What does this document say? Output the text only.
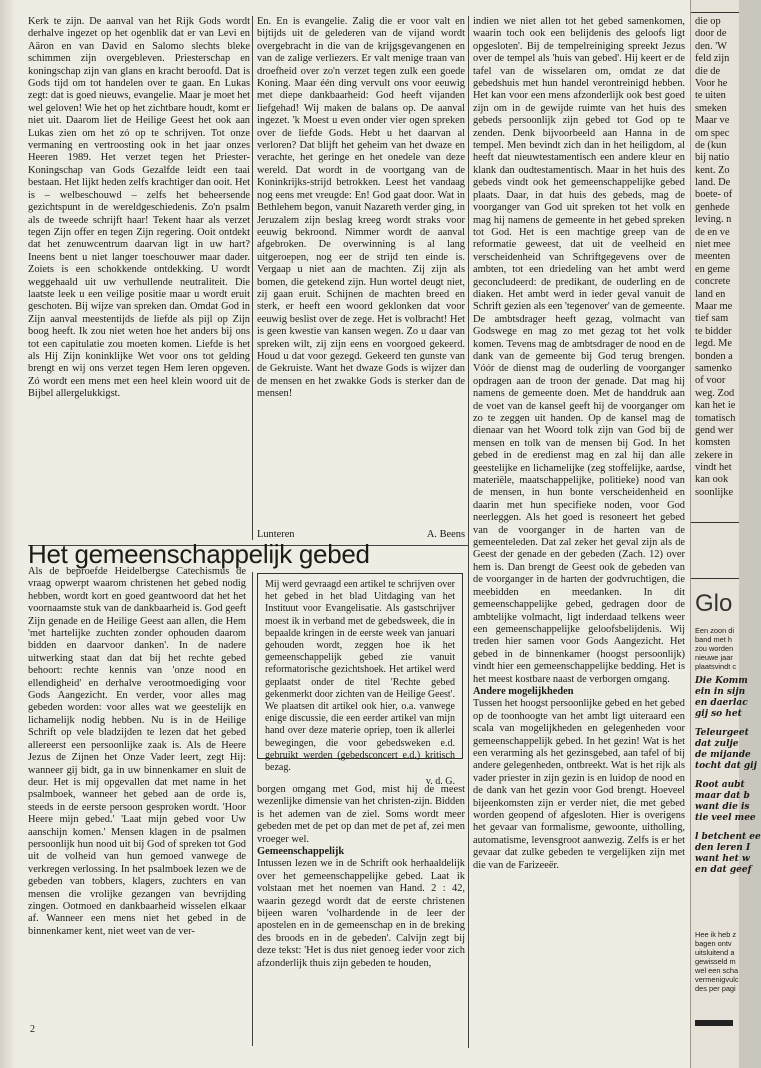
Kerk te zijn. De aanval van het Rijk Gods wordt derhalve ingezet op het ogenblik dat er van Levi en Aäron en van David en Salomo slechts bleke schimmen zijn overgebleven. Priesterschap en koningschap zijn van glans en kracht beroofd. Dat is Gods tijd om tot handelen over te gaan. En Lukas zegt: dat is goed nieuws, evangelie. Maar je moet het wel geloven! Wie het op het zichtbare houdt, komt er niet uit. Daarom liet de Heilige Geest het ook aan Lukas zien om het zó op te schrijven. Tot onze vermaning en vertroosting ook in het jaar onzes Heeren 1989. Het verzet tegen het Priester-Koningschap van Gods Gezalfde leidt een taai bestaan. Het lijkt heden zelfs krachtiger dan ooit. Het is – welbeschouwd – zelfs het beheersende gezichtspunt in de wereldgeschiedenis. Zo'n psalm als de tweede schrijft haar! Tekent haar als verzet tegen Zijn offer en tegen Zijn regering. Ooit ontdekt dat het zenuwcentrum daarvan ligt in uw hart? Ineens bent u niet langer toeschouwer maar dader. Zoiets is een schokkende ontdekking. U wordt weggehaald uit uw verhullende neutraliteit. Die laatste leek u een veilige positie maar u wordt eruit geschoten. Bij wijze van spreken dan. Omdat God in Zijn aanval meestentijds de liefde als pijl op Zijn boog heeft. Ik zou niet weten hoe het anders bij ons tot een capitulatie zou moeten komen. Liefde is het als Hij Zijn koninklijke Wet voor ons tot gelding brengt en wij ons verzet tegen Hem leren opgeven. Zó wordt een mens met een heel klein woord uit de Bijbel allergelukkigst.

En. En is evangelie. Zalig die er voor valt en bijtijds uit de gelederen van de vijand wordt overgebracht in die van de krijgsgevangenen en van de zalige verliezers. Er valt menige traan van droefheid over zo'n verzet tegen zulk een goede Koning. Maar één ding vervult ons voor eeuwig met diepe dankbaarheid: God heeft vijanden liefgehad! Wij maken de balans op. De aanval ingezet. 'k Moest u even onder vier ogen spreken over de liefde Gods. Hebt u het daarvan al verloren? Dat blijft het geheim van het dwaze en verachte, het geringe en het onedele van deze wereld. Dat wordt in de voortgang van de Koninkrijks-strijd betrokken. Leest het vandaag nog eens met vreugde: En! God gaat door. Wat in Bethlehem begon, vanuit Nazareth verder ging, in Jeruzalem zijn beslag kreeg wordt straks voor eeuwig bekroond. Nimmer wordt de aanval afgebroken. De overwinning is al lang uitgeroepen, nog eer de strijd ten einde is. Vergaap u niet aan de machten. Zij zijn als bomen, die getekend zijn. Hun wortel deugt niet, zij gaan eruit. Schijnen de machten breed en sterk, er heeft een woord geklonken dat voor eeuwig beslist over de zege. Het is volbracht! Het is geen kwestie van kansen wegen. Zo u daar van spreken wilt, zij zijn eens en voorgoed gekeerd. Houd u dat voor gezegd. Gekeerd ten gunste van de Gekruiste. Want het dwaze Gods is wijzer dan de mensen en het zwakke Gods is sterker dan de mensen!

Lunteren	A. Beens

indien we niet allen tot het gebed samenkomen, waarin toch ook een belijdenis des geloofs ligt opgesloten'. Bij de tempelreiniging spreekt Jezus over de tempel als 'huis van gebed'. Hij keert er de tafel van de wisselaren om, omdat ze dat gebedshuis met hun handel verontreinigd hebben. Het kan voor een mens afzonderlijk ook best goed zijn om in de gewijde ruimte van het huis des gebeds persoonlijk zijn gebed tot God op te zenden. Denk bijvoorbeeld aan Hanna in de tempel. Men bevindt zich dan in het heiligdom, al heeft dat nieuwtestamentisch een andere kleur en klank dan oudtestamentisch. Maar in het huis des gebeds vindt ook het gemeenschappelijke gebed plaats. Daar, in dat huis des gebeds, mag de voorganger van God uit spreken tot het volk en mag hij namens de gemeente in het gebed spreken tot God. Het is een machtige greep van de reformatie geweest, dat uit de veelheid en verscheidenheid van Schriftgegevens over de ambten, tot een driedeling van het ambt werd geconcludeerd: de predikant, de ouderling en de diaken. Het ambt werd in ieder geval vanuit de Schrift gezien als een 'tegenover' van de gemeente. De ambtsdrager heeft gezag, volmacht van Godswege en mag zo met gezag tot het volk komen. Tevens mag de ambtsdrager de nood en de dank van de gemeente bij God terug brengen. Vóór de dienst mag de ouderling de voorganger opdragen aan de troon der genade. Dat mag hij namens de gemeente doen. Met de handdruk aan de voet van de kansel geeft hij de voorganger om zo te zeggen uit handen. Op de kansel mag de dienaar van het Woord tolk zijn van God bij de mensen en tolk van de mensen bij God. In het gebed in de eredienst mag en zal hij dan alle geestelijke en lichamelijke (zeg stoffelijke, aardse, materiële, maatschappelijke, politieke) nood van de mensen, in hun bonte verscheidenheid en daarin met hun specifieke noden, voor God neerleggen. Als het goed is resoneert het gebed van de voorganger in de harten van de gemeenteleden. Dat zal zeker het geval zijn als de Geest der genade en der gebeden (Zach. 12) over hem is. Dan brengt de Geest ook de gebeden van de voorganger in de harten der godvruchtigen, die meebidden en meedanken. In dit gemeenschappelijke gebed, gedragen door de ambtelijke volmacht, ligt inderdaad telkens weer een gemeenschappelijke geloofsbelijdenis. Wij treden hier samen voor Gods Aangezicht. Het gebed in de binnenkamer (hoogst persoonlijk) vindt hier een gemeenschappelijke bedding. Het is het meest kostbare naast de verborgen omgang.

Andere mogelijkheden

Tussen het hoogst persoonlijke gebed en het gebed op de toonhoogte van het ambt ligt uiteraard een scala van mogelijkheden en gelegenheden voor gemeenschappelijk gebed. In het gezin! Wat is het een verarming als het gezinsgebed, aan tafel of bij andere gelegenheden, ontbreekt. Wat is het rijk als vader priester in zijn gezin is en luidop de nood en de dank van het gezin voor God brengt. Hoeveel bijeenkomsten zijn er verder niet, die met gebed worden geopend of afgesloten. Hier is overigens het gevaar van formalisme, gewoonte, uitholling, automatisme, levensgroot aanwezig. Zelfs is er het gevaar dat zulke gebeden te vergelijken zijn met die van de Farizeeër.

Het gemeenschappelijk gebed

Als de beproefde Heidelbergse Catechismus de vraag opwerpt waarom christenen het gebed nodig hebben, wordt kort en goed geantwoord dat het het voornaamste stuk van de dankbaarheid is. God geeft Zijn genade en de Heilige Geest aan allen, die Hem 'met hartelijke zuchten zonder ophouden daarom bidden en daarvoor danken'. In de nadere uitwerking staat dan dat bij het rechte gebed behoort: rechte kennis van 'onze nood en ellendigheid' en derhalve verootmoediging voor Gods Aangezicht. En verder, voor alles mag gebeden worden: voor alles wat we geestelijk en lichamelijk nodig hebben. Nu is in de Heilige Schrift op vele bladzijden te lezen dat het gebed allereerst een persoonlijke zaak is. Als de Heere Jezus de Zijnen het Onze Vader leert, zegt Hij: wanneer gij bidt, ga in uw binnenkamer en sluit de deur. Het is mij opgevallen dat met name in het psalmboek, wanneer het gebed aan de orde is, steeds in de eerste persoon gesproken wordt. 'Hoor Heere mijn gebed.' 'Laat mijn gebed voor Uw aanschijn komen.' Mensen klagen in de psalmen persoonlijk hun nood uit bij God of spreken tot God uit de volheid van hun gemoed vanwege de verkregen verlossing. In het psalmboek lezen we de gebeden van tobbers, klagers, zuchters en van mensen die vrolijke gezangen van bevrijding zingen. Ootmoed en dankbaarheid wisselen elkaar af. Wanneer een mens niet het gebed in de binnenkamer kent, niet weet van de ver-

Mij werd gevraagd een artikel te schrijven over het gebed in het blad Uitdaging van het Instituut voor Evangelisatie. Als gastschrijver moest ik in verband met de gebedsweek, die in bepaalde kringen in de eerste week van januari gehouden wordt, zeggen hoe ik het gemeenschappelijk gebed zie vanuit reformatorische gezichtshoek. Het artikel werd geplaatst onder de titel 'Rechte gebed gekenmerkt door zichten van de Heilige Geest'. We plaatsen dit artikel ook hier, o.a. vanwege enige discussie, die een eerder artikel van mijn hand over deze materie opriep, toen ik allerlei bewegingen, die voor gebedsweken e.d. gebruikt werden (gebedsconcert e.d.) kritisch bezag.

v. d. G.

borgen omgang met God, mist hij de meest wezenlijke dimensie van het christen-zijn. Bidden is het ademen van de ziel. Soms wordt meer gebeden met de pet op dan met de pet af, zei men vroeger wel.

Gemeenschappelijk

Intussen lezen we in de Schrift ook herhaaldelijk over het gemeenschappelijke gebed. Laat ik volstaan met het noemen van Hand. 2 : 42, waarin gezegd wordt dat de eerste christenen bijeen waren 'volhardende in de leer der apostelen en in de gemeenschap en in de breking des broods en in de gebeden'. Calvijn zegt bij deze tekst: 'Het is dus niet genoeg ieder voor zich afzonderlijk thuis zijn gebeden te houden,

2
die op
door de
den. 'W
feld zijn
die de
Voor he
te uiten
smeken
Maar ve
om spec
de (kun
bij natio
kent. Zo
land. De
boete- of
genhede
leving. n
de en ve
niet mee
meenten
en geme
concrete
land en
Maar me
tief sam
te bidder
legd. Me
bonden a
samenko
of voor
weg. Zod
kan het ie
tomatisch
gend wer
komsten
zekere in
vindt het
kan ook
soonlijke
Glo
Een zoon di
band met h
zou worden
nieuwe jaar
plaatsvindt c
Die Komm
ein in sijn
en daerlac
gij so het
Teleurgeet
dat zulje
de mijande
tocht dat gij
Root aubt
maar dat b
want die is
tie veel mee
l betchent ee
den leren I
want het w
en dat geef
Hee ik heb z
bagen ontv
uitsluitend a
gewisseld m
wel een scha
vermenigvulc
des per pagi
